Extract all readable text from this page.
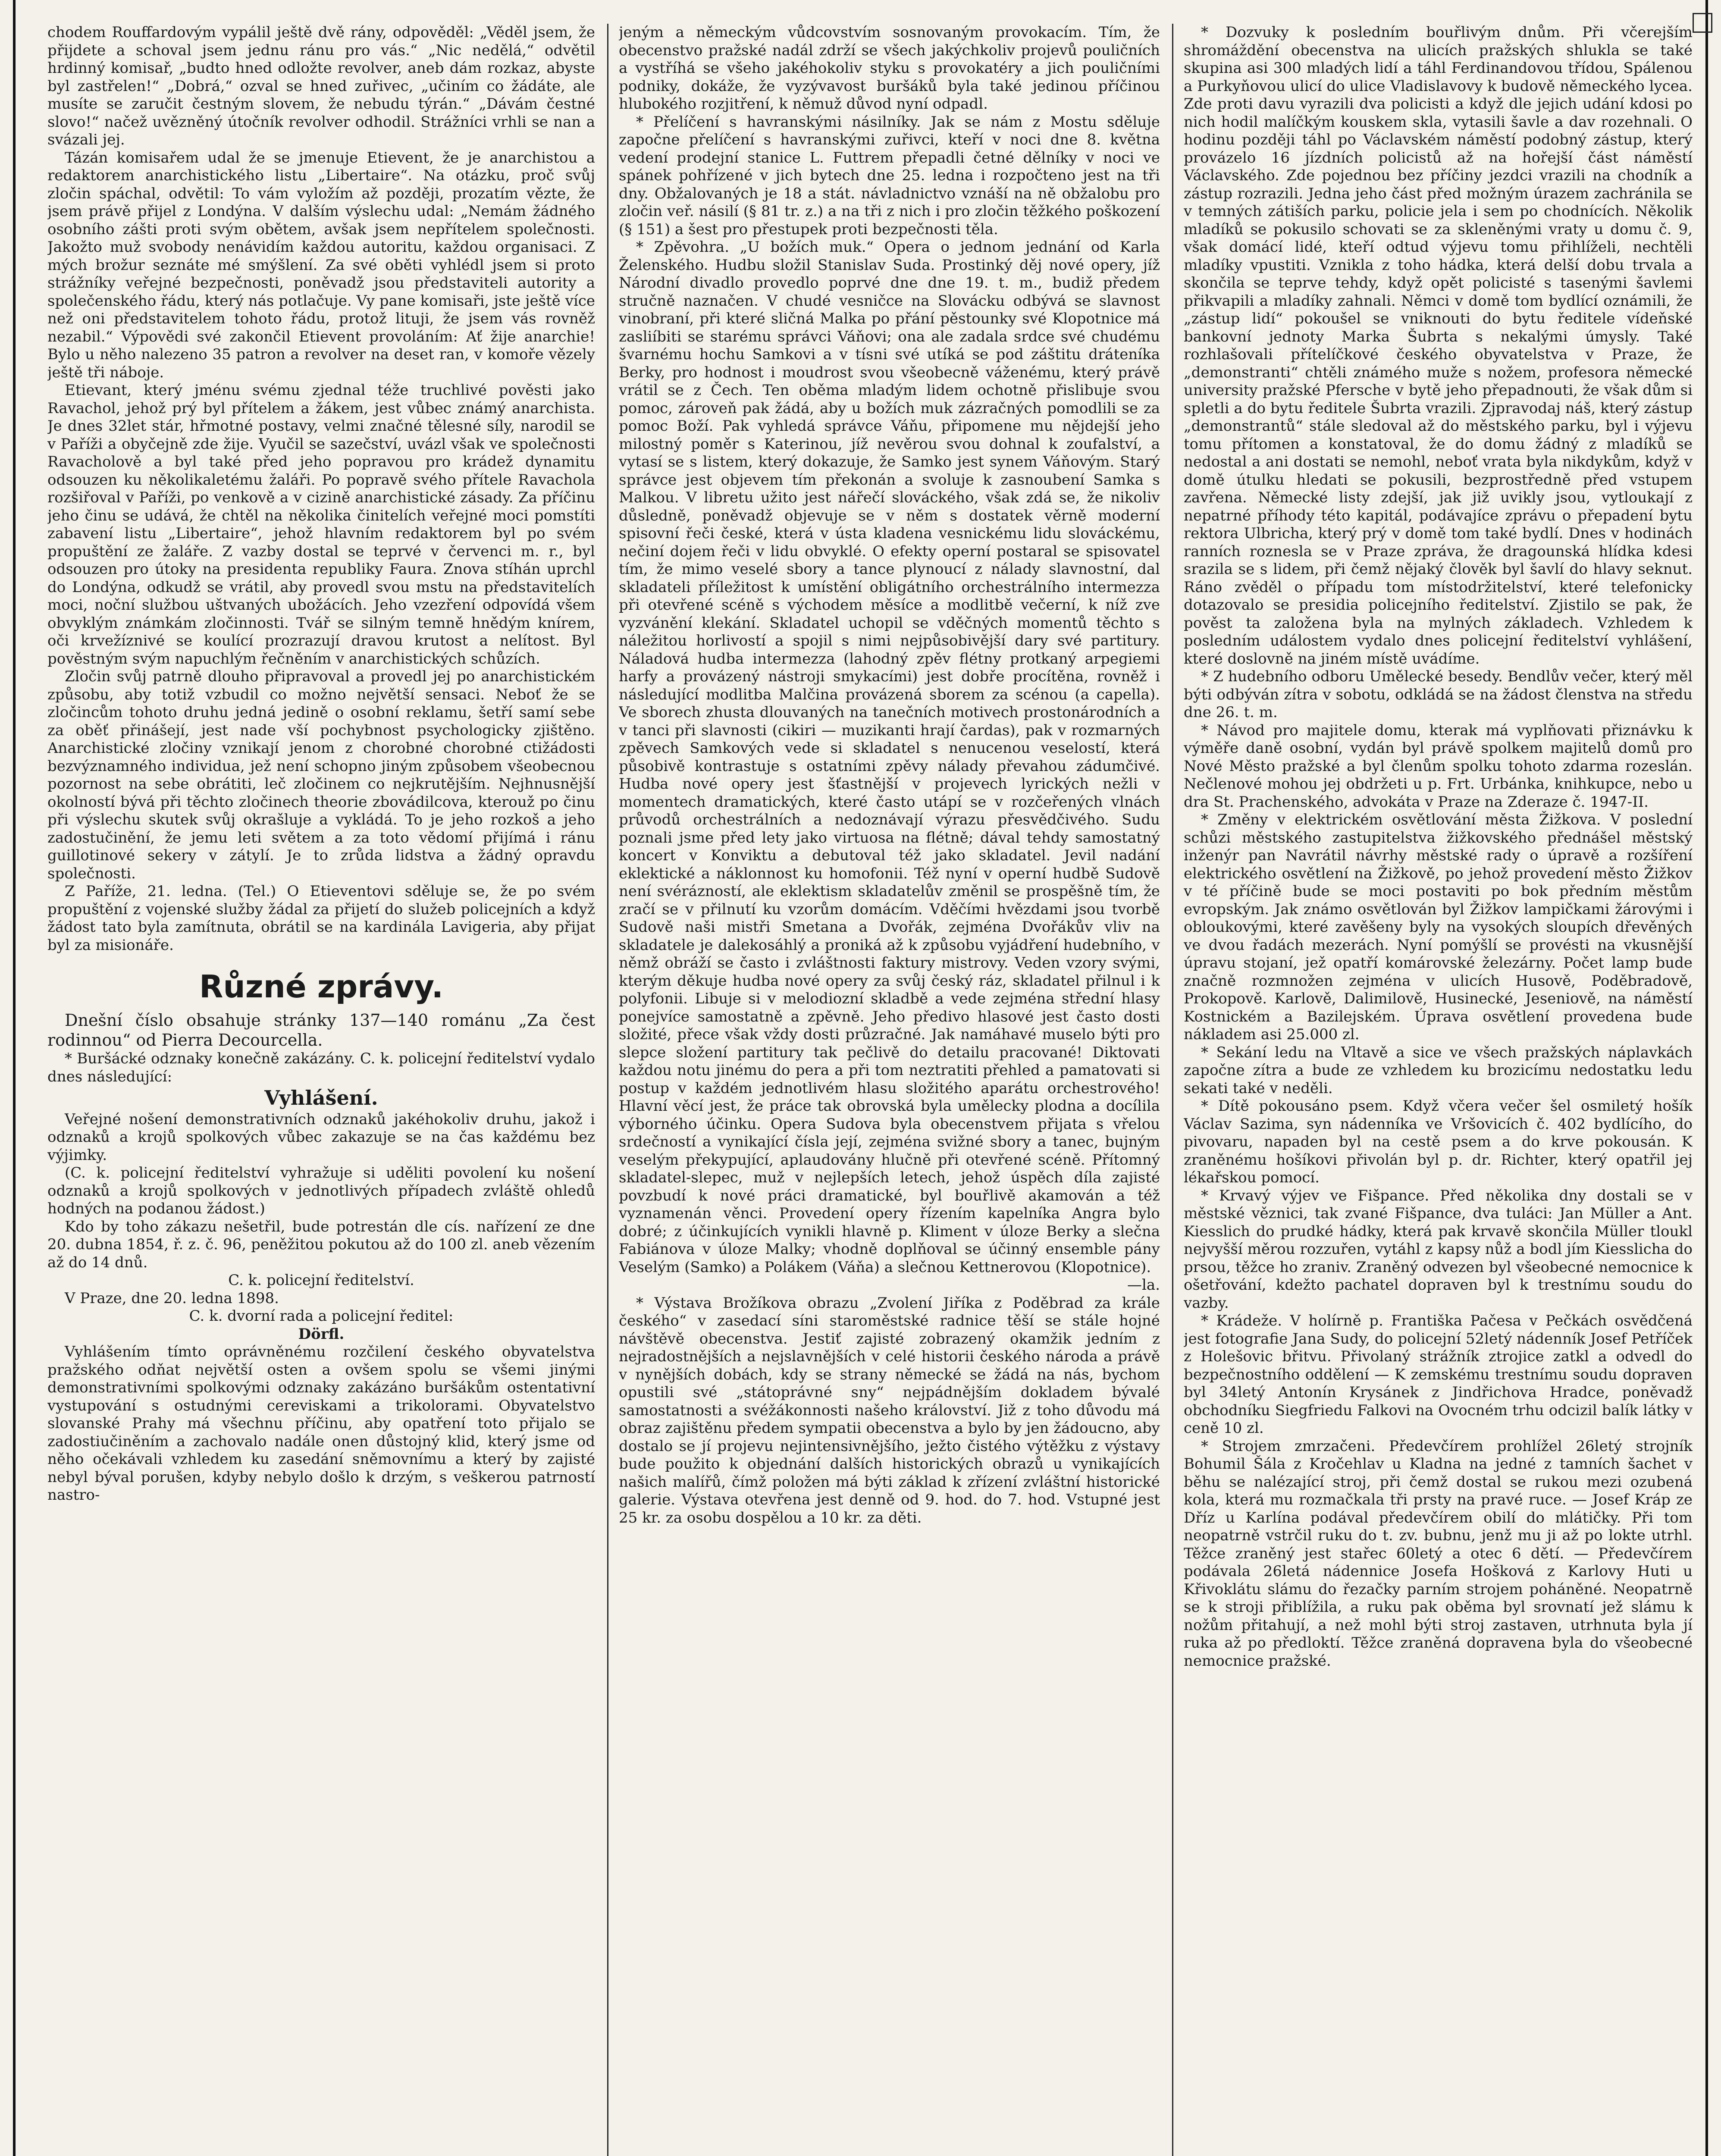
chodem Rouffardovým vypálil ještě dvě rány, odpověděl: „Věděl jsem, že přijdete a schoval jsem jednu ránu pro vás.“ „Nic nedělá,“ odvětil hrdinný komisař, „budto hned odložte revolver, aneb dám rozkaz, abyste byl zastřelen!“ „Dobrá,“ ozval se hned zuřivec, „učiním co žádáte, ale musíte se zaručit čestným slovem, že nebudu týrán.“ „Dávám čestné slovo!“ načež uvězněný útočník revolver odhodil. Strážníci vrhli se nan a svázali jej.

Tázán komisařem udal že se jmenuje Etievent, že je anarchistou a redaktorem anarchistického listu „Libertaire“. Na otázku, proč svůj zločin spáchal, odvětil: To vám vyložím až později, prozatím vězte, že jsem právě přijel z Londýna. V dalším výslechu udal: „Nemám žádného osobního zášti proti svým obětem, avšak jsem nepřítelem společnosti. Jakožto muž svobody nenávidím každou autoritu, každou organisaci. Z mých brožur seznáte mé smýšlení. Za své oběti vyhlédl jsem si proto strážníky veřejné bezpečnosti, poněvadž jsou představiteli autority a společenského řádu, který nás potlačuje. Vy pane komisaři, jste ještě více než oni představitelem tohoto řádu, protož lituji, že jsem vás rovněž nezabil.“ Výpovědi své zakončil Etievent provoláním: Ať žije anarchie! Bylo u něho nalezeno 35 patron a revolver na deset ran, v komoře vězely ještě tři náboje.

Etievant, který jménu svému zjednal téže truchlivé pověsti jako Ravachol, jehož prý byl přítelem a žákem, jest vůbec známý anarchista. Je dnes 32let stár, hřmotné postavy, velmi značné tělesné síly, narodil se v Paříži a obyčejně zde žije. Vyučil se sazečství, uvázl však ve společnosti Ravacholově a byl také před jeho popravou pro krádež dynamitu odsouzen ku několikaletému žaláři. Po popravě svého přítele Ravachola rozšiřoval v Paříži, po venkově a v cizině anarchistické zásady. Za příčinu jeho činu se udává, že chtěl na několika činitelích veřejné moci pomstíti zabavení listu „Libertaire“, jehož hlavním redaktorem byl po svém propuštění ze žaláře. Z vazby dostal se teprvé v červenci m. r., byl odsouzen pro útoky na presidenta republiky Faura. Znova stíhán uprchl do Londýna, odkudž se vrátil, aby provedl svou mstu na představitelích moci, noční službou uštvaných ubožácích. Jeho vzezření odpovídá všem obvyklým známkám zločinnosti. Tvář se silným temně hnědým knírem, oči krvežíznivé se koulící prozrazují dravou krutost a nelítost. Byl pověstným svým napuchlým řečněním v anarchistických schůzích.

Zločin svůj patrně dlouho připravoval a provedl jej po anarchistickém způsobu, aby totiž vzbudil co možno největší sensaci. Neboť že se zločincům tohoto druhu jedná jedině o osobní reklamu, šetří samí sebe za oběť přinášejí, jest nade vší pochybnost psychologicky zjištěno. Anarchistické zločiny vznikají jenom z chorobné chorobné ctižádosti bezvýznamného individua, jež není schopno jiným způsobem všeobecnou pozornost na sebe obrátiti, leč zločinem co nejkrutějším. Nejhnusnější okolností bývá při těchto zločinech theorie zbovádilcova, kterouž po činu při výslechu skutek svůj okrašluje a vykládá. To je jeho rozkoš a jeho zadostučinění, že jemu leti světem a za toto vědomí přijímá i ránu guillotinové sekery v zátylí. Je to zrůda lidstva a žádný opravdu společnosti.

Z Paříže, 21. ledna. (Tel.) O Etieventovi sděluje se, že po svém propuštění z vojenské služby žádal za přijetí do služeb policejních a když žádost tato byla zamítnuta, obrátil se na kardinála Lavigeria, aby přijat byl za misionáře.

Různé zprávy.

Dnešní číslo obsahuje stránky 137—140 románu „Za čest rodinnou“ od Pierra Decourcella.

* Buršácké odznaky konečně zakázány. C. k. policejní ředitelství vydalo dnes následující:

Vyhlášení.

Veřejné nošení demonstrativních odznaků jakéhokoliv druhu, jakož i odznaků a krojů spolkových vůbec zakazuje se na čas každému bez výjimky.

(C. k. policejní ředitelství vyhražuje si uděliti povolení ku nošení odznaků a krojů spolkových v jednotlivých případech zvláště ohledů hodných na podanou žádost.)

Kdo by toho zákazu nešetřil, bude potrestán dle cís. nařízení ze dne 20. dubna 1854, ř. z. č. 96, peněžitou pokutou až do 100 zl. aneb vězením až do 14 dnů.

C. k. policejní ředitelství.

V Praze, dne 20. ledna 1898.

C. k. dvorní rada a policejní ředitel:

Dörfl.

Vyhlášením tímto oprávněnému rozčilení českého obyvatelstva pražského odňat největší osten a ovšem spolu se všemi jinými demonstrativními spolkovými odznaky zakázáno buršákům ostentativní vystupování s ostudnými cereviskami a trikolorami. Obyvatelstvo slovanské Prahy má všechnu příčinu, aby opatření toto přijalo se zadostiučiněním a zachovalo nadále onen důstojný klid, který jsme od něho očekávali vzhledem ku zasedání sněmovnímu a který by zajisté nebyl býval porušen, kdyby nebylo došlo k drzým, s veškerou patrností nastro-

jeným a německým vůdcovstvím sosnovaným provokacím. Tím, že obecenstvo pražské nadál zdrží se všech jakýchkoliv projevů pouličních a vystříhá se všeho jakéhokoliv styku s provokatéry a jich pouličními podniky, dokáže, že vyzývavost buršáků byla také jedinou příčinou hlubokého rozjitření, k němuž důvod nyní odpadl.

* Přelíčení s havranskými násilníky. Jak se nám z Mostu sděluje započne přelíčení s havranskými zuřivci, kteří v noci dne 8. května vedení prodejní stanice L. Futtrem přepadli četné dělníky v noci ve spánek pohřízené v jich bytech dne 25. ledna i rozpočteno jest na tři dny. Obžalovaných je 18 a stát. návladnictvo vznáší na ně obžalobu pro zločin veř. násilí (§ 81 tr. z.) a na tři z nich i pro zločin těžkého poškození (§ 151) a šest pro přestupek proti bezpečnosti těla.

* Zpěvohra. „U božích muk.“ Opera o jednom jednání od Karla Želenského. Hudbu složil Stanislav Suda. Prostinký děj nové opery, jíž Národní divadlo provedlo poprvé dne dne 19. t. m., budiž předem stručně naznačen. V chudé vesničce na Slovácku odbývá se slavnost vinobraní, při které sličná Malka po přání pěstounky své Klopotnice má zasliíbiti se starému správci Váňovi; ona ale zadala srdce své chudému švarnému hochu Samkovi a v tísni své utíká se pod záštitu dráteníka Berky, pro hodnost i moudrost svou všeobecně váženému, který právě vrátil se z Čech. Ten oběma mladým lidem ochotně přislibuje svou pomoc, zároveň pak žádá, aby u božích muk zázračných pomodlili se za pomoc Boží. Pak vyhledá správce Váňu, připomene mu nějdejší jeho milostný poměr s Katerinou, jíž nevěrou svou dohnal k zoufalství, a vytasí se s listem, který dokazuje, že Samko jest synem Váňovým. Starý správce jest objevem tím překonán a svoluje k zasnoubení Samka s Malkou. V libretu užito jest nářečí slováckého, však zdá se, že nikoliv důsledně, poněvadž objevuje se v něm s dostatek věrně moderní spisovní řeči české, která v ústa kladena vesnickému lidu slováckému, nečiní dojem řeči v lidu obvyklé. O efekty operní postaral se spisovatel tím, že mimo veselé sbory a tance plynoucí z nálady slavnostní, dal skladateli příležitost k umístění obligátního orchestrálního intermezza při otevřené scéně s východem měsíce a modlitbě večerní, k níž zve vyzvánění klekání. Skladatel uchopil se vděčných momentů těchto s náležitou horlivostí a spojil s nimi nejpůsobivější dary své partitury. Náladová hudba intermezza (lahodný zpěv flétny protkaný arpegiemi harfy a provázený nástroji smykacími) jest dobře procítěna, rovněž i následující modlitba Malčina provázená sborem za scénou (a capella). Ve sborech zhusta dlouvaných na tanečních motivech prostonárodních a v tanci při slavnosti (cikiri — muzikanti hrají čardas), pak v rozmarných zpěvech Samkových vede si skladatel s nenucenou veselostí, která působivě kontrastuje s ostatními zpěvy nálady převahou zádumčivé. Hudba nové opery jest šťastnější v projevech lyrických nežli v momentech dramatických, které často utápí se v rozčeřených vlnách průvodů orchestrálních a nedoznávají výrazu přesvědčivého. Sudu poznali jsme před lety jako virtuosa na flétně; dával tehdy samostatný koncert v Konviktu a debutoval též jako skladatel. Jevil nadání eklektické a náklonnost ku homofonii. Též nyní v operní hudbě Sudově není svérázností, ale eklektism skladatelův změnil se prospěšně tím, že zračí se v přilnutí ku vzorům domácím. Vděčími hvězdami jsou tvorbě Sudově naši mistři Smetana a Dvořák, zejména Dvořákův vliv na skladatele je dalekosáhlý a proniká až k způsobu vyjádření hudebního, v němž obráží se často i zvláštnosti faktury mistrovy. Veden vzory svými, kterým děkuje hudba nové opery za svůj český ráz, skladatel přilnul i k polyfonii. Libuje si v melodiozní skladbě a vede zejména střední hlasy ponejvíce samostatně a zpěvně. Jeho předivo hlasové jest často dosti složité, přece však vždy dosti průzračné. Jak namáhavé muselo býti pro slepce složení partitury tak pečlivě do detailu pracované! Diktovati každou notu jinému do pera a při tom neztratiti přehled a pamatovati si postup v každém jednotlivém hlasu složitého aparátu orchestrového! Hlavní věcí jest, že práce tak obrovská byla umělecky plodna a docílila výborného účinku. Opera Sudova byla obecenstvem přijata s vřelou srdečností a vynikající čísla její, zejména svižné sbory a tanec, bujným veselým překypující, aplaudovány hlučně při otevřené scéně. Přítomný skladatel-slepec, muž v nejlepších letech, jehož úspěch díla zajisté povzbudí k nové práci dramatické, byl bouřlivě akamován a též vyznamenán věnci. Provedení opery řízením kapelníka Angra bylo dobré; z účinkujících vynikli hlavně p. Kliment v úloze Berky a slečna Fabiánova v úloze Malky; vhodně doplňoval se účinný ensemble pány Veselým (Samko) a Polákem (Váňa) a slečnou Kettnerovou (Klopotnice).

—la.

* Výstava Brožíkova obrazu „Zvolení Jiříka z Poděbrad za krále českého“ v zasedací síni staroměstské radnice těší se stále hojné návštěvě obecenstva. Jestiť zajisté zobrazený okamžik jedním z nejradostnějších a nejslavnějších v celé historii českého národa a právě v nynějších dobách, kdy se strany německé se žádá na nás, bychom opustili své „státoprávné sny“ nejpádnějším dokladem bývalé samostatnosti a svéžákonnosti našeho království. Již z toho důvodu má obraz zajištěnu předem sympatii obecenstva a bylo by jen žádoucno, aby dostalo se jí projevu nejintensivnějšího, ježto čistého výtěžku z výstavy bude použito k objednání dalších historických obrazů u vynikajících našich malířů, čímž položen má býti základ k zřízení zvláštní historické galerie. Výstava otevřena jest denně od 9. hod. do 7. hod. Vstupné jest 25 kr. za osobu dospělou a 10 kr. za děti.

* Dozvuky k posledním bouřlivým dnům. Při včerejším shromáždění obecenstva na ulicích pražských shlukla se také skupina asi 300 mladých lidí a táhl Ferdinandovou třídou, Spálenou a Purkyňovou ulicí do ulice Vladislavovy k budově německého lycea. Zde proti davu vyrazili dva policisti a když dle jejich udání kdosi po nich hodil malíčkým kouskem skla, vytasili šavle a dav rozehnali. O hodinu později táhl po Václavském náměstí podobný zástup, který provázelo 16 jízdních policistů až na hořejší část náměstí Václavského. Zde pojednou bez příčiny jezdci vrazili na chodník a zástup rozrazili. Jedna jeho část před možným úrazem zachránila se v temných zátiších parku, policie jela i sem po chodnících. Několik mladíků se pokusilo schovati se za skleněnými vraty u domu č. 9, však domácí lidé, kteří odtud výjevu tomu přihlíželi, nechtěli mladíky vpustiti. Vznikla z toho hádka, která delší dobu trvala a skončila se teprve tehdy, když opět policisté s tasenými šavlemi přikvapili a mladíky zahnali. Němci v domě tom bydlící oznámili, že „zástup lidí“ pokoušel se vniknouti do bytu ředitele vídeňské bankovní jednoty Marka Šubrta s nekalými úmysly. Také rozhlašovali přítelíčkové českého obyvatelstva v Praze, že „demonstranti“ chtěli známého muže s nožem, profesora německé university pražské Pfersche v bytě jeho přepadnouti, že však dům si spletli a do bytu ředitele Šubrta vrazili. Zjpravodaj náš, který zástup „demonstrantů“ stále sledoval až do městského parku, byl i výjevu tomu přítomen a konstatoval, že do domu žádný z mladíků se nedostal a ani dostati se nemohl, neboť vrata byla nikdykům, když v domě útulku hledati se pokusili, bezprostředně před vstupem zavřena. Německé listy zdejší, jak již uvikly jsou, vytloukají z nepatrné příhody této kapitál, podávajíce zprávu o přepadení bytu rektora Ulbricha, který prý v domě tom také bydlí. Dnes v hodinách ranních roznesla se v Praze zpráva, že dragounská hlídka kdesi srazila se s lidem, při čemž nějaký člověk byl šavlí do hlavy seknut. Ráno zvěděl o případu tom místodržitelství, které telefonicky dotazovalo se presidia policejního ředitelství. Zjistilo se pak, že pověst ta založena byla na mylných základech. Vzhledem k posledním událostem vydalo dnes policejní ředitelství vyhlášení, které doslovně na jiném místě uvádíme.

* Z hudebního odboru Umělecké besedy. Bendlův večer, který měl býti odbýván zítra v sobotu, odkládá se na žádost členstva na středu dne 26. t. m.

* Návod pro majitele domu, kterak má vyplňovati přiznávku k výměře daně osobní, vydán byl právě spolkem majitelů domů pro Nové Město pražské a byl členům spolku tohoto zdarma rozeslán. Nečlenové mohou jej obdržeti u p. Frt. Urbánka, knihkupce, nebo u dra St. Prachenského, advokáta v Praze na Zderaze č. 1947-II.

* Změny v elektrickém osvětlování města Žižkova. V poslední schůzi městského zastupitelstva žižkovského přednášel městský inženýr pan Navrátil návrhy městské rady o úpravě a rozšíření elektrického osvětlení na Žižkově, po jehož provedení město Žižkov v té příčině bude se moci postaviti po bok předním městům evropským. Jak známo osvětlován byl Žižkov lampičkami žárovými i obloukovými, které zavěšeny byly na vysokých sloupích dřevěných ve dvou řadách mezerách. Nyní pomýšlí se provésti na vkusnější úpravu stojaní, jež opatří komárovské železárny. Počet lamp bude značně rozmnožen zejména v ulicích Husově, Poděbradově, Prokopově. Karlově, Dalimilově, Husinecké, Jeseniově, na náměstí Kostnickém a Bazilejském. Úprava osvětlení provedena bude nákladem asi 25.000 zl.

* Sekání ledu na Vltavě a sice ve všech pražských náplavkách započne zítra a bude ze vzhledem ku brozicímu nedostatku ledu sekati také v neděli.

* Dítě pokousáno psem. Když včera večer šel osmiletý hošík Václav Sazima, syn nádenníka ve Vršovicích č. 402 bydlícího, do pivovaru, napaden byl na cestě psem a do krve pokousán. K zraněnému hošíkovi přivolán byl p. dr. Richter, který opatřil jej lékařskou pomocí.

* Krvavý výjev ve Fišpance. Před několika dny dostali se v městské věznici, tak zvané Fišpance, dva tuláci: Jan Müller a Ant. Kiesslich do prudké hádky, která pak krvavě skončila Müller tloukl nejvyšší měrou rozzuřen, vytáhl z kapsy nůž a bodl jím Kiesslicha do prsou, těžce ho zraniv. Zraněný odvezen byl všeobecné nemocnice k ošetřování, kdežto pachatel dopraven byl k trestnímu soudu do vazby.

* Krádeže. V holírně p. Františka Pačesa v Pečkách osvědčená jest fotografie Jana Sudy, do policejní 52letý nádenník Josef Petříček z Holešovic břitvu. Přivolaný strážník ztrojice zatkl a odvedl do bezpečnostního oddělení — K zemskému trestnímu soudu dopraven byl 34letý Antonín Krysánek z Jindřichova Hradce, poněvadž obchodníku Siegfriedu Falkovi na Ovocném trhu odcizil balík látky v ceně 10 zl.

* Strojem zmrzačeni. Předevčírem prohlížel 26letý strojník Bohumil Šála z Kročehlav u Kladna na jedné z tamních šachet v běhu se nalézající stroj, při čemž dostal se rukou mezi ozubená kola, která mu rozmačkala tři prsty na pravé ruce. — Josef Kráp ze Dříz u Karlína podával předevčírem obilí do mlátičky. Při tom neopatrně vstrčil ruku do t. zv. bubnu, jenž mu ji až po lokte utrhl. Těžce zraněný jest stařec 60letý a otec 6 dětí. — Předevčírem podávala 26letá nádennice Josefa Hošková z Karlovy Huti u Křivoklátu slámu do řezačky parním strojem poháněné. Neopatrně se k stroji přiblížila, a ruku pak oběma byl srovnatí jež slámu k nožům přitahují, a než mohl býti stroj zastaven, utrhnuta byla jí ruka až po předloktí. Těžce zraněná dopravena byla do všeobecné nemocnice pražské.
